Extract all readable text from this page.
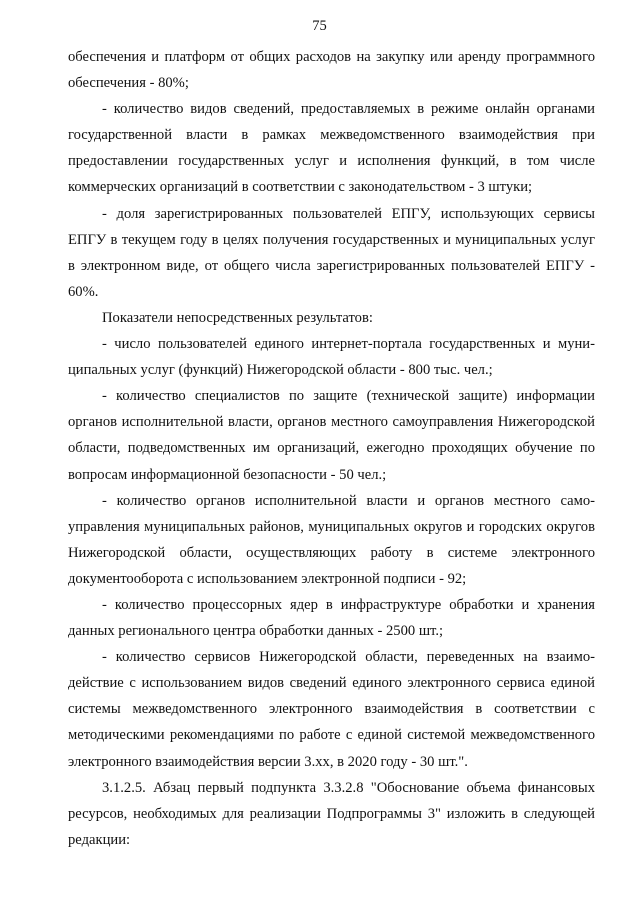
75

обеспечения и платформ от общих расходов на закупку или аренду программного обеспечения - 80%;

- количество видов сведений, предоставляемых в режиме онлайн органами государственной власти в рамках межведомственного взаимодействия при предоставлении государственных услуг и исполнения функций, в том числе коммерческих организаций в соответствии с законодательством - 3 штуки;

- доля зарегистрированных пользователей ЕПГУ, использующих сервисы ЕПГУ в текущем году в целях получения государственных и муниципальных услуг в электронном виде, от общего числа зарегистрированных пользователей ЕПГУ - 60%.

Показатели непосредственных результатов:

- число пользователей единого интернет-портала государственных и муниципальных услуг (функций) Нижегородской области - 800 тыс. чел.;

- количество специалистов по защите (технической защите) информации органов исполнительной власти, органов местного самоуправления Нижегородской области, подведомственных им организаций, ежегодно проходящих обучение по вопросам информационной безопасности - 50 чел.;

- количество органов исполнительной власти и органов местного самоуправления муниципальных районов, муниципальных округов и городских округов Нижегородской области, осуществляющих работу в системе электронного документооборота с использованием электронной подписи - 92;

- количество процессорных ядер в инфраструктуре обработки и хранения данных регионального центра обработки данных - 2500 шт.;

- количество сервисов Нижегородской области, переведенных на взаимодействие с использованием видов сведений единого электронного сервиса единой системы межведомственного электронного взаимодействия в соответствии с методическими рекомендациями по работе с единой системой межведомственного электронного взаимодействия версии 3.хх, в 2020 году - 30 шт.".

3.1.2.5. Абзац первый подпункта 3.3.2.8 "Обоснование объема финансовых ресурсов, необходимых для реализации Подпрограммы 3" изложить в следующей редакции:
